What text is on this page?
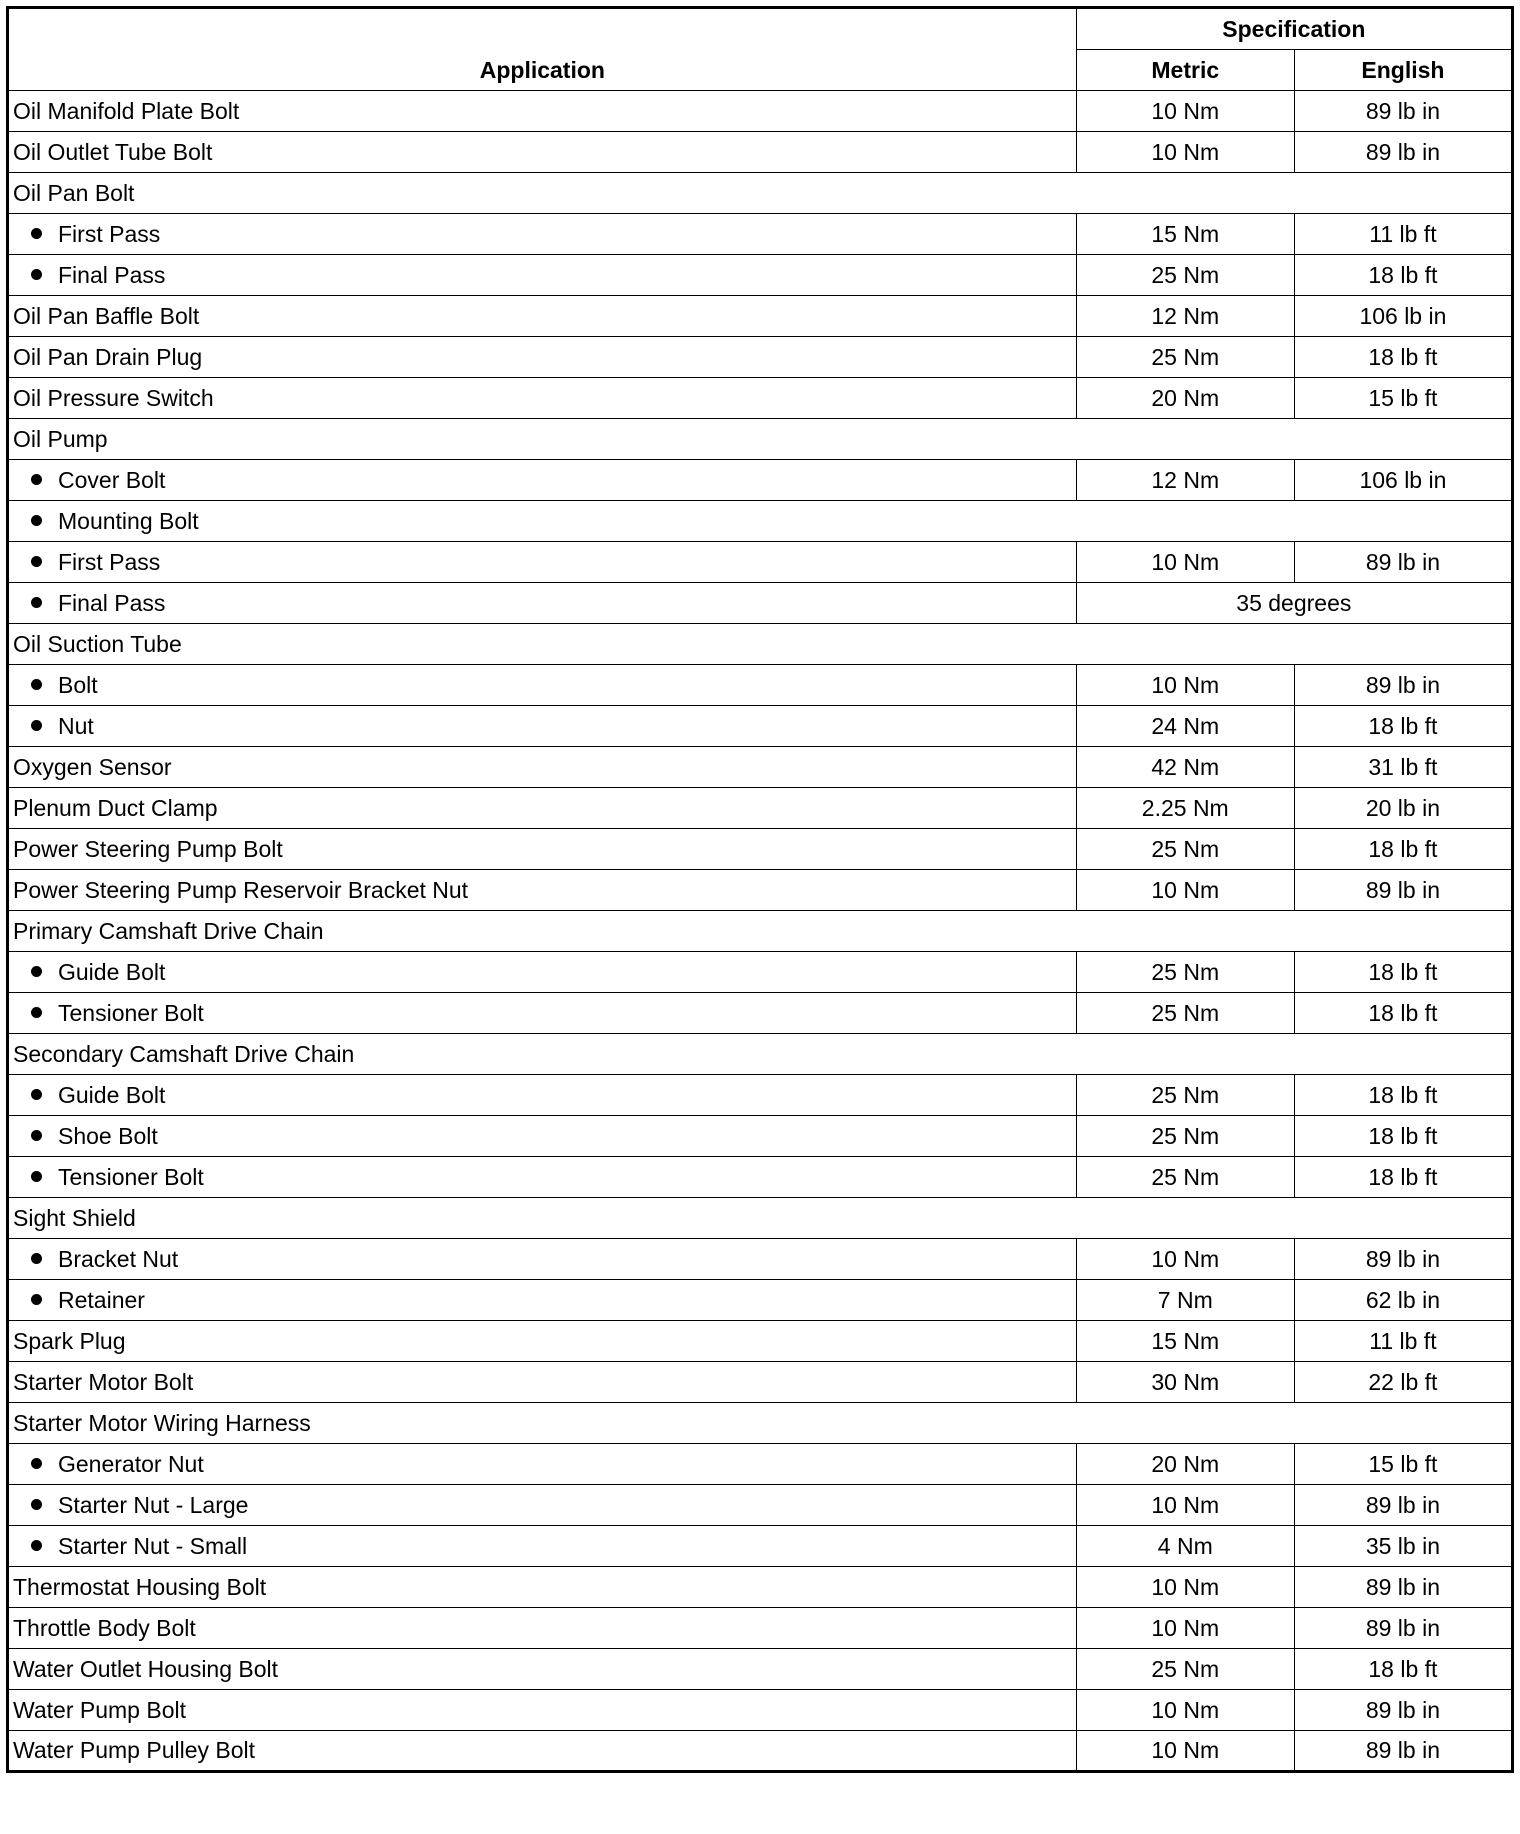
Application	Specification	
	Metric	English
Oil Manifold Plate Bolt	10 Nm	89 lb in
Oil Outlet Tube Bolt	10 Nm	89 lb in
Oil Pan Bolt		
First Pass	15 Nm	11 lb ft
Final Pass	25 Nm	18 lb ft
Oil Pan Baffle Bolt	12 Nm	106 lb in
Oil Pan Drain Plug	25 Nm	18 lb ft
Oil Pressure Switch	20 Nm	15 lb ft
Oil Pump		
Cover Bolt	12 Nm	106 lb in
Mounting Bolt		
First Pass	10 Nm	89 lb in
Final Pass	35 degrees	
Oil Suction Tube		
Bolt	10 Nm	89 lb in
Nut	24 Nm	18 lb ft
Oxygen Sensor	42 Nm	31 lb ft
Plenum Duct Clamp	2.25 Nm	20 lb in
Power Steering Pump Bolt	25 Nm	18 lb ft
Power Steering Pump Reservoir Bracket Nut	10 Nm	89 lb in
Primary Camshaft Drive Chain		
Guide Bolt	25 Nm	18 lb ft
Tensioner Bolt	25 Nm	18 lb ft
Secondary Camshaft Drive Chain		
Guide Bolt	25 Nm	18 lb ft
Shoe Bolt	25 Nm	18 lb ft
Tensioner Bolt	25 Nm	18 lb ft
Sight Shield		
Bracket Nut	10 Nm	89 lb in
Retainer	7 Nm	62 lb in
Spark Plug	15 Nm	11 lb ft
Starter Motor Bolt	30 Nm	22 lb ft
Starter Motor Wiring Harness		
Generator Nut	20 Nm	15 lb ft
Starter Nut - Large	10 Nm	89 lb in
Starter Nut - Small	4 Nm	35 lb in
Thermostat Housing Bolt	10 Nm	89 lb in
Throttle Body Bolt	10 Nm	89 lb in
Water Outlet Housing Bolt	25 Nm	18 lb ft
Water Pump Bolt	10 Nm	89 lb in
Water Pump Pulley Bolt	10 Nm	89 lb in
